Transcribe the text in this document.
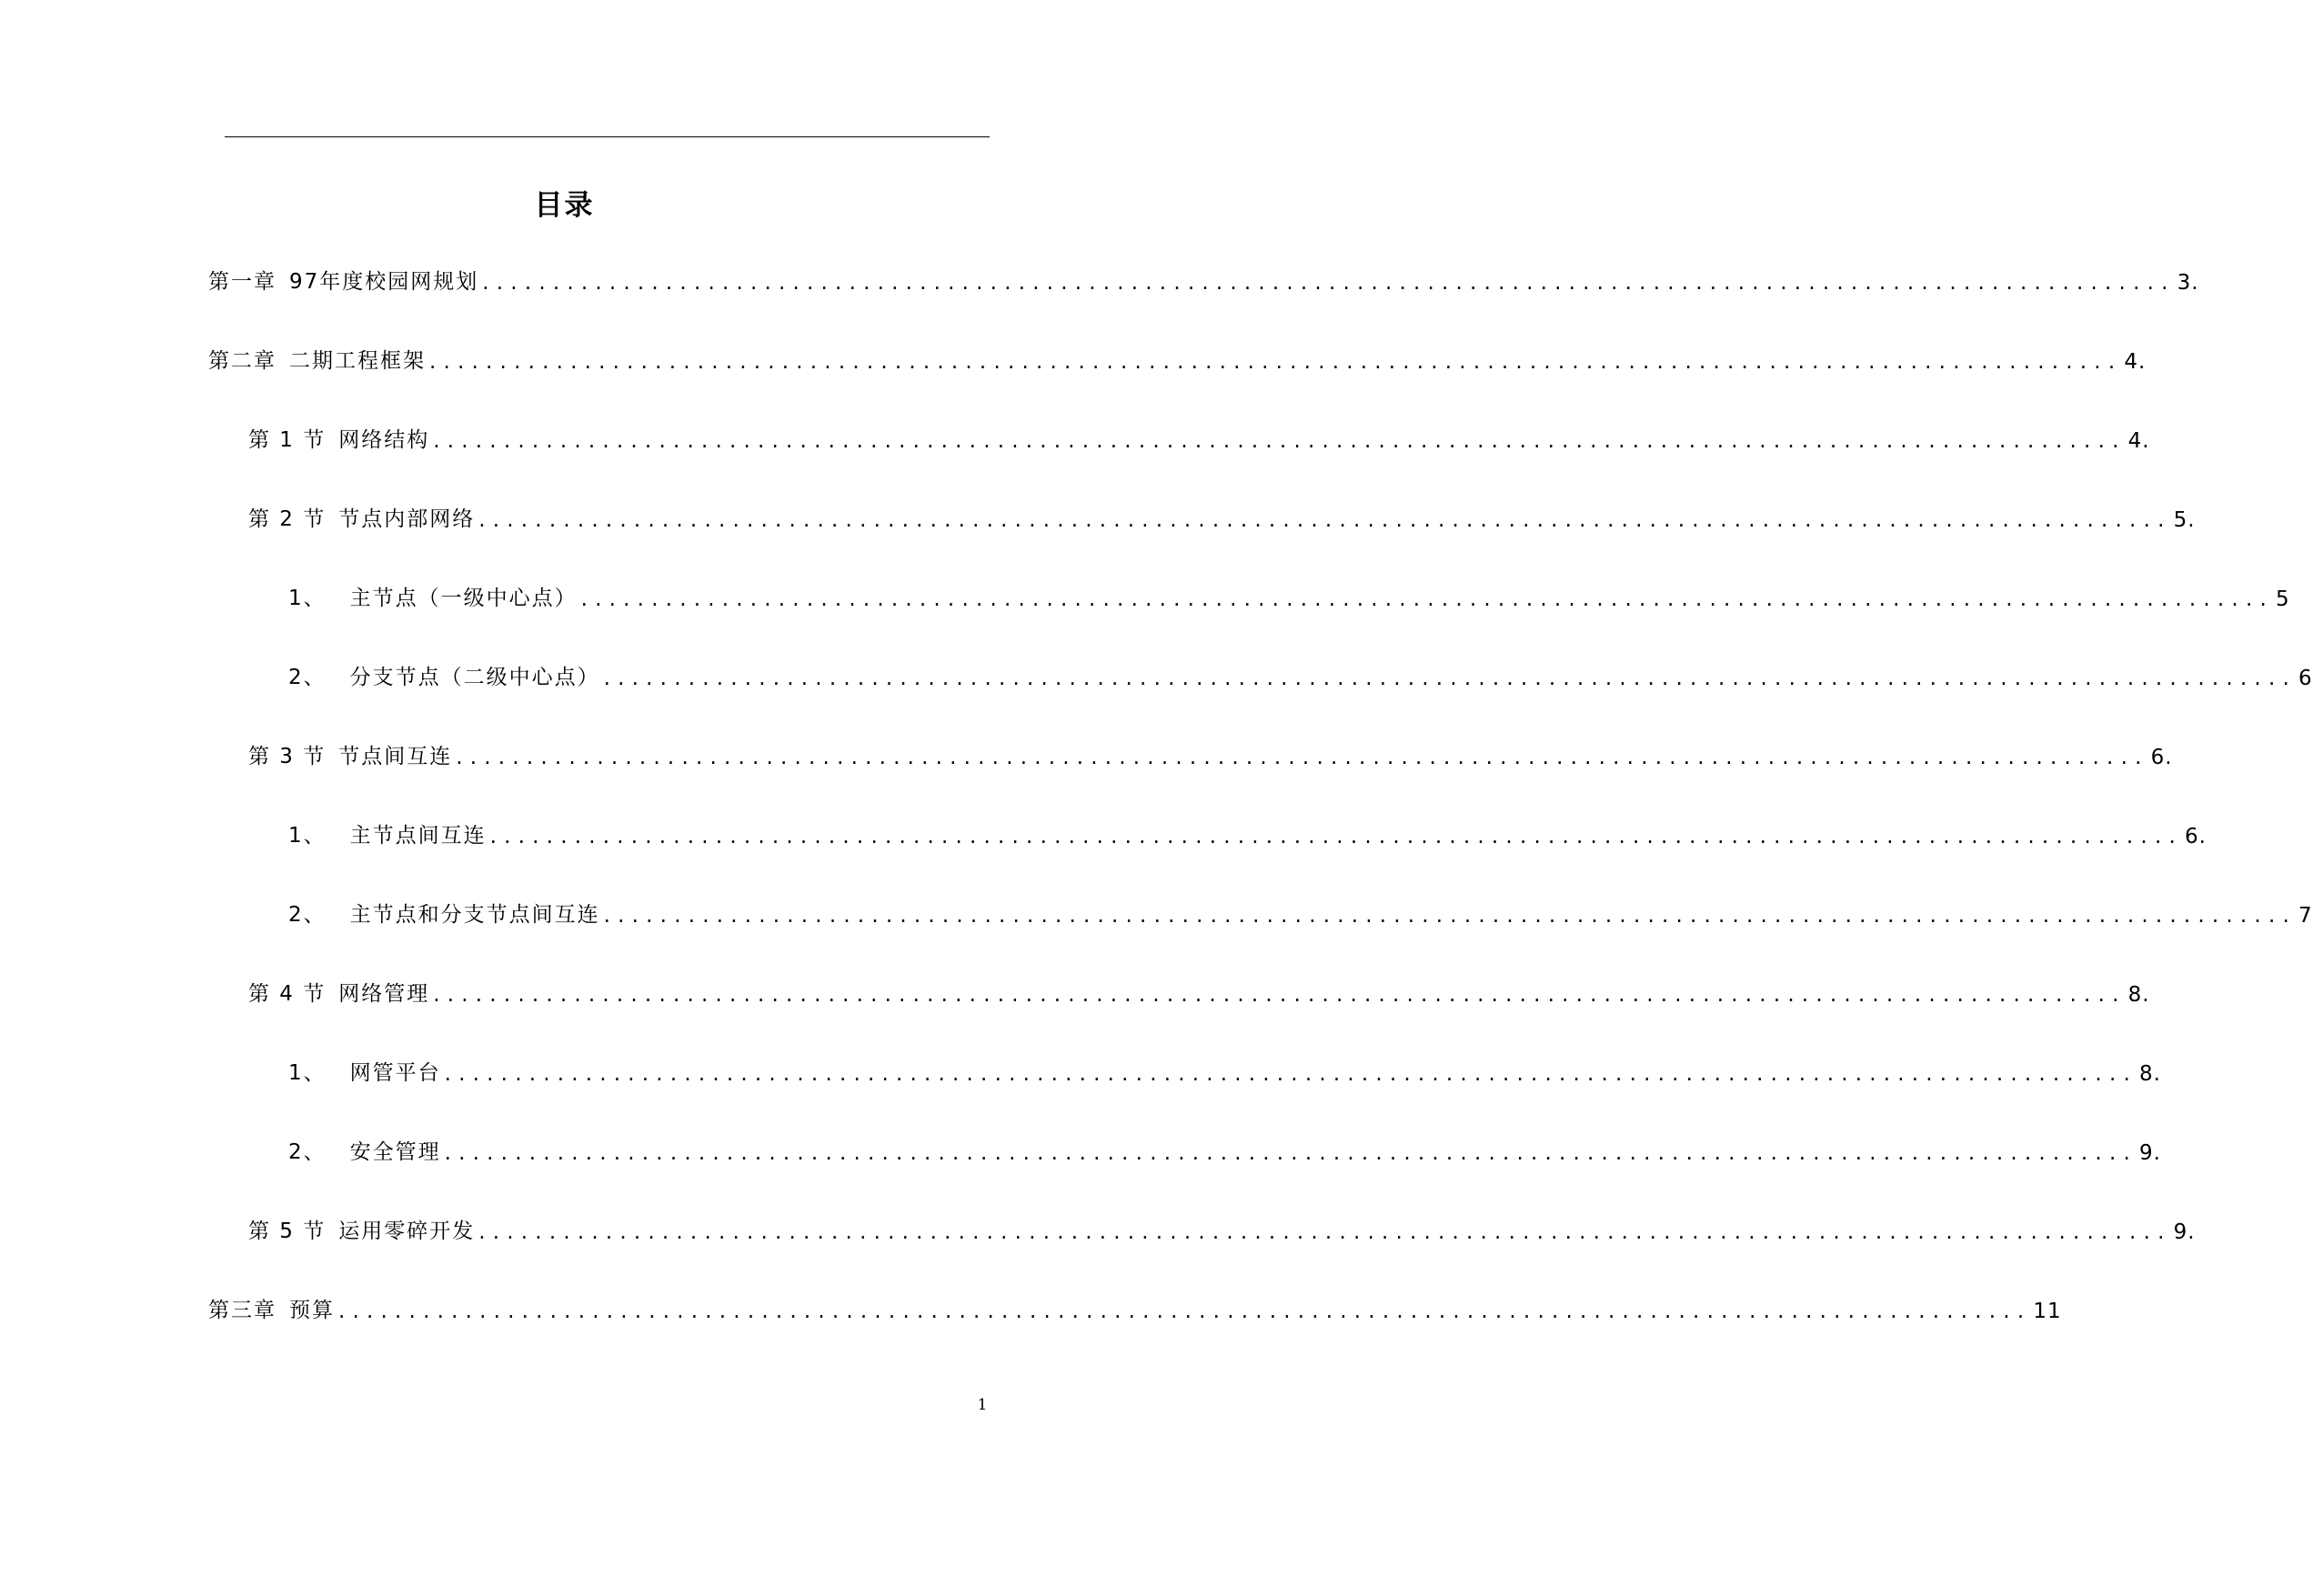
目录
第一章 97年度校园网规划 ........................................................................................................................ 3.
第二章 二期工程框架 ........................................................................................................................ 4.
第 1 节 网络结构 ........................................................................................................................ 4.
第 2 节 节点内部网络 ........................................................................................................................ 5.
1、 主节点（一级中心点） ........................................................................................................................ 5
2、 分支节点（二级中心点） ........................................................................................................................ 6
第 3 节 节点间互连 ........................................................................................................................ 6.
1、 主节点间互连 ........................................................................................................................ 6.
2、 主节点和分支节点间互连 ........................................................................................................................ 7
第 4 节 网络管理 ........................................................................................................................ 8.
1、 网管平台 ........................................................................................................................ 8.
2、 安全管理 ........................................................................................................................ 9.
第 5 节 运用零碎开发 ........................................................................................................................ 9.
第三章 预算 ........................................................................................................................ 11
1
